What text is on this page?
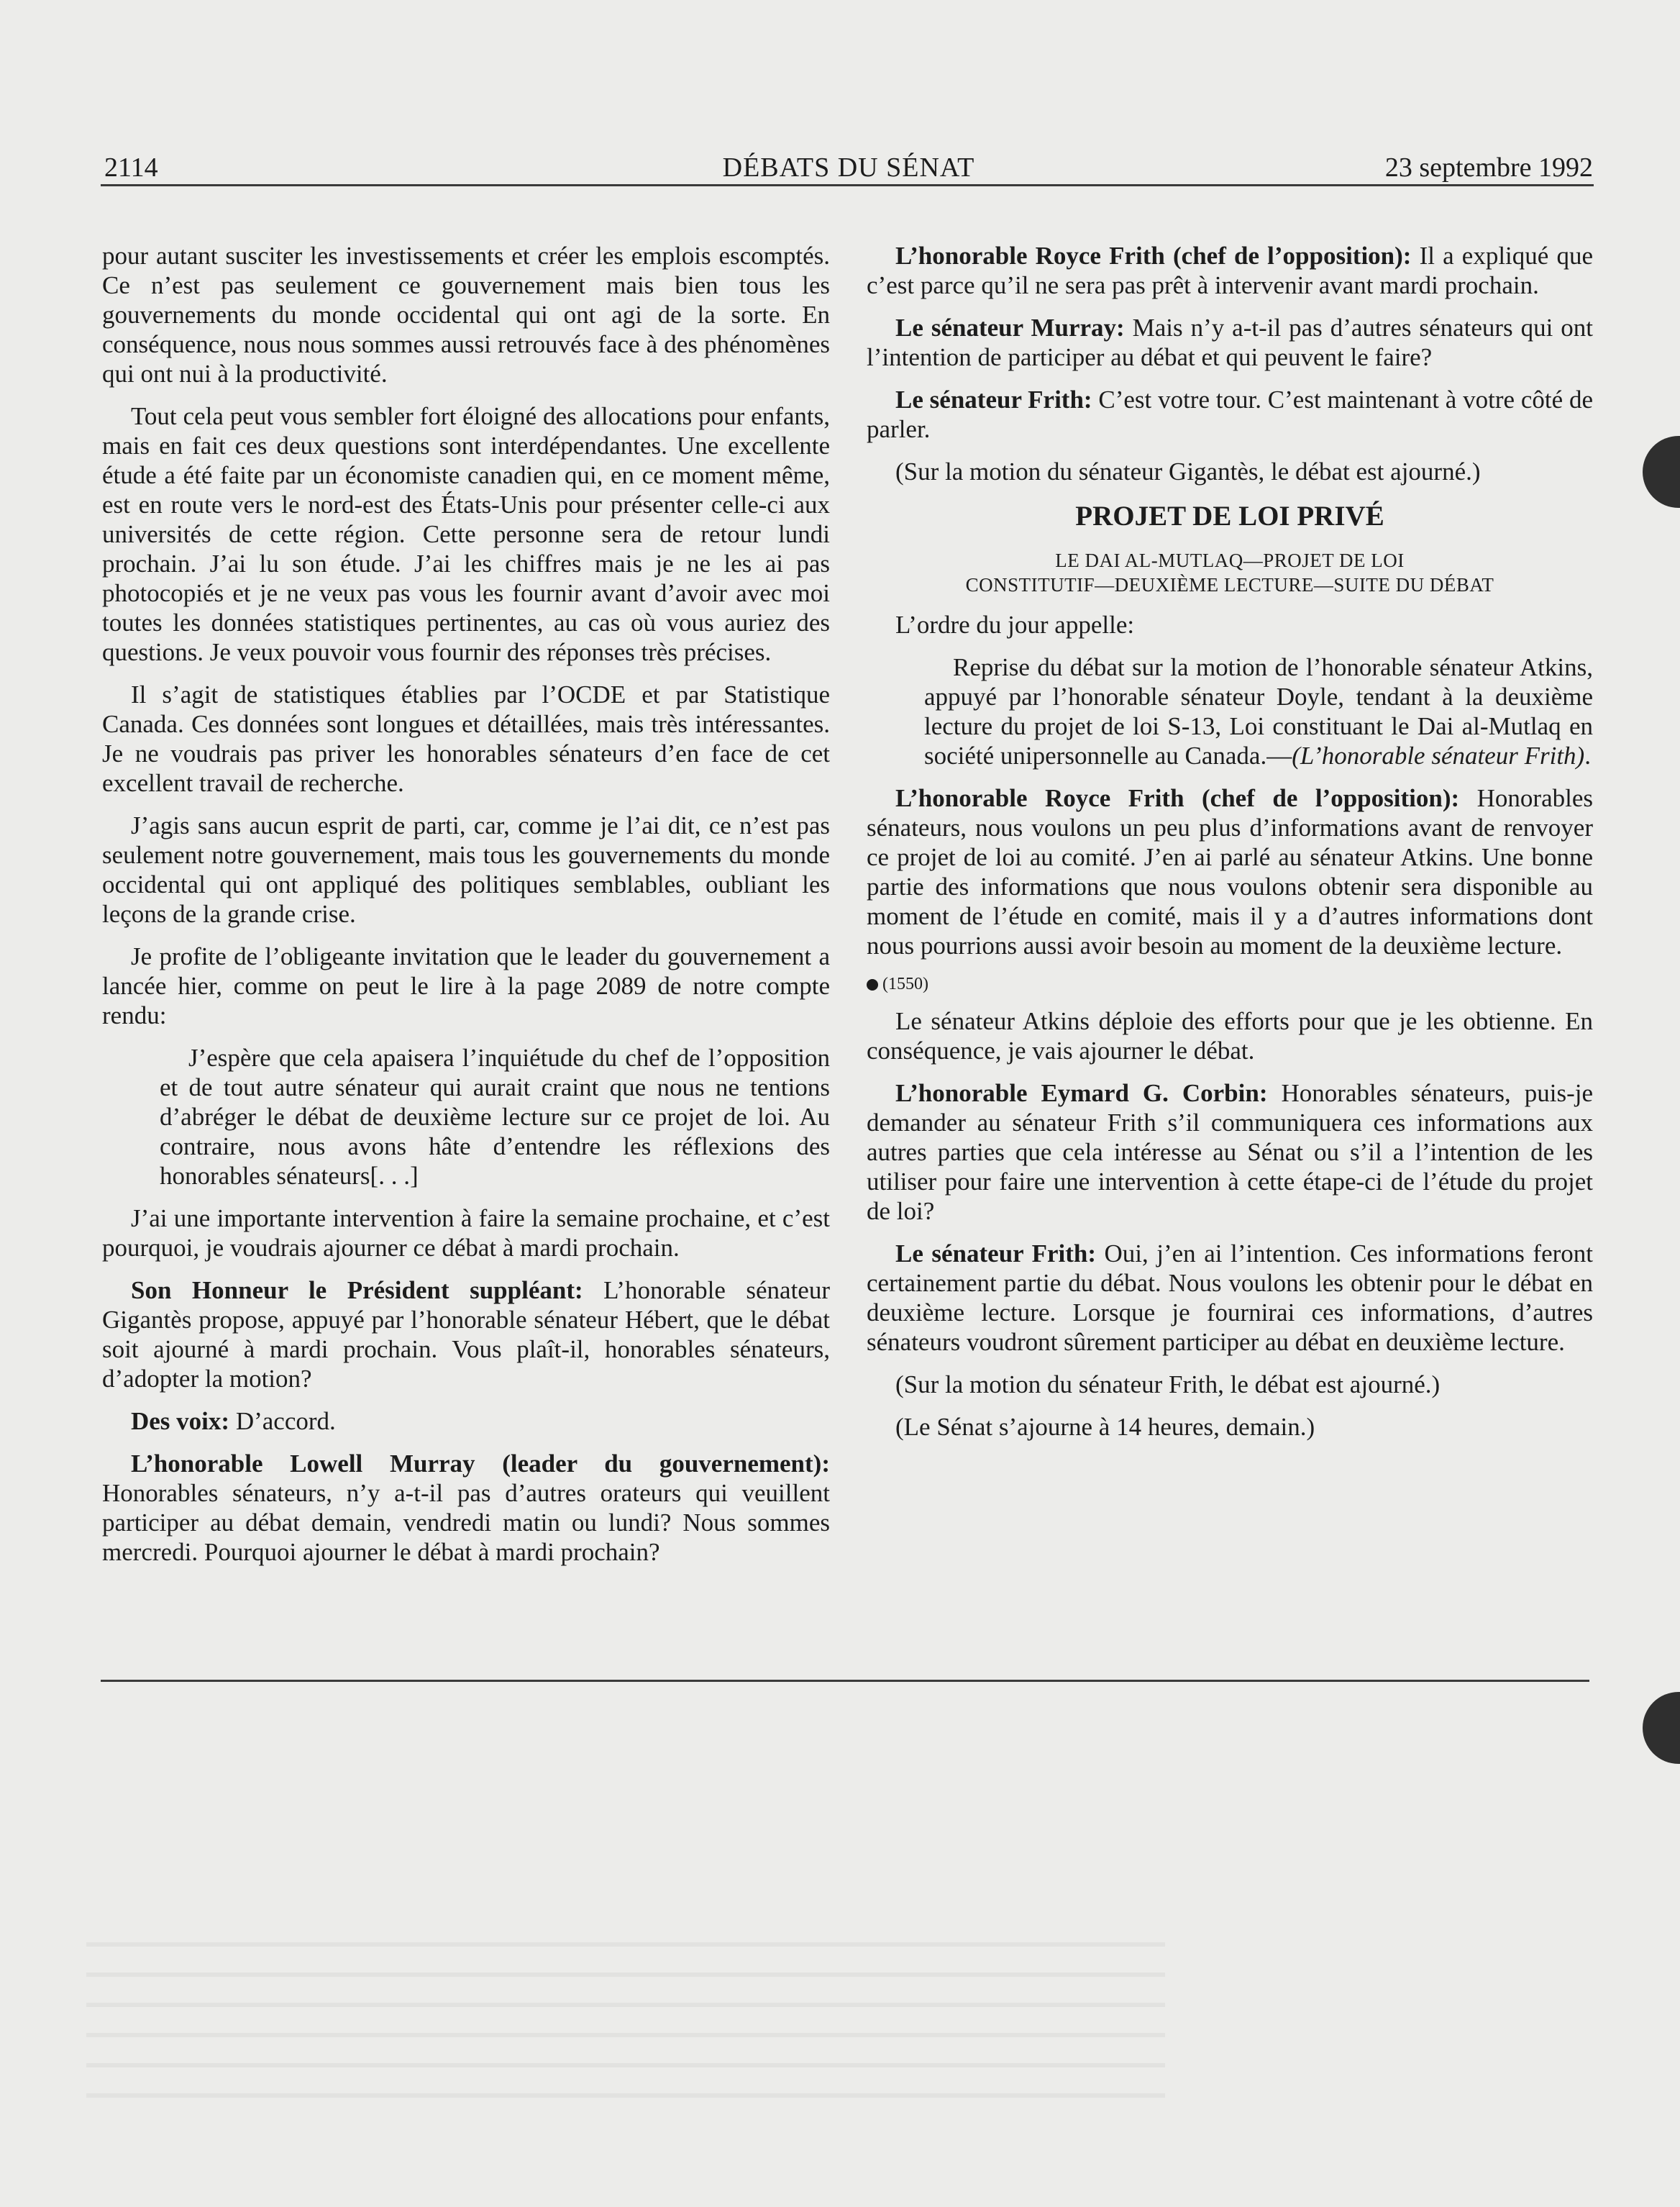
2114	DÉBATS DU SÉNAT	23 septembre 1992

pour autant susciter les investissements et créer les emplois escomptés. Ce n’est pas seulement ce gouvernement mais bien tous les gouvernements du monde occidental qui ont agi de la sorte. En conséquence, nous nous sommes aussi retrouvés face à des phénomènes qui ont nui à la productivité.

Tout cela peut vous sembler fort éloigné des allocations pour enfants, mais en fait ces deux questions sont interdépendantes. Une excellente étude a été faite par un économiste canadien qui, en ce moment même, est en route vers le nord-est des États-Unis pour présenter celle-ci aux universités de cette région. Cette personne sera de retour lundi prochain. J’ai lu son étude. J’ai les chiffres mais je ne les ai pas photocopiés et je ne veux pas vous les fournir avant d’avoir avec moi toutes les données statistiques pertinentes, au cas où vous auriez des questions. Je veux pouvoir vous fournir des réponses très précises.

Il s’agit de statistiques établies par l’OCDE et par Statistique Canada. Ces données sont longues et détaillées, mais très intéressantes. Je ne voudrais pas priver les honorables sénateurs d’en face de cet excellent travail de recherche.

J’agis sans aucun esprit de parti, car, comme je l’ai dit, ce n’est pas seulement notre gouvernement, mais tous les gouvernements du monde occidental qui ont appliqué des politiques semblables, oubliant les leçons de la grande crise.

Je profite de l’obligeante invitation que le leader du gouvernement a lancée hier, comme on peut le lire à la page 2089 de notre compte rendu:

J’espère que cela apaisera l’inquiétude du chef de l’opposition et de tout autre sénateur qui aurait craint que nous ne tentions d’abréger le débat de deuxième lecture sur ce projet de loi. Au contraire, nous avons hâte d’entendre les réflexions des honorables sénateurs[. . .]

J’ai une importante intervention à faire la semaine prochaine, et c’est pourquoi, je voudrais ajourner ce débat à mardi prochain.

Son Honneur le Président suppléant: L’honorable sénateur Gigantès propose, appuyé par l’honorable sénateur Hébert, que le débat soit ajourné à mardi prochain. Vous plaît-il, honorables sénateurs, d’adopter la motion?

Des voix: D’accord.

L’honorable Lowell Murray (leader du gouvernement): Honorables sénateurs, n’y a-t-il pas d’autres orateurs qui veuillent participer au débat demain, vendredi matin ou lundi? Nous sommes mercredi. Pourquoi ajourner le débat à mardi prochain?

L’honorable Royce Frith (chef de l’opposition): Il a expliqué que c’est parce qu’il ne sera pas prêt à intervenir avant mardi prochain.

Le sénateur Murray: Mais n’y a-t-il pas d’autres sénateurs qui ont l’intention de participer au débat et qui peuvent le faire?

Le sénateur Frith: C’est votre tour. C’est maintenant à votre côté de parler.

(Sur la motion du sénateur Gigantès, le débat est ajourné.)

PROJET DE LOI PRIVÉ
LE DAI AL-MUTLAQ—PROJET DE LOI
CONSTITUTIF—DEUXIÈME LECTURE—SUITE DU DÉBAT

L’ordre du jour appelle:

Reprise du débat sur la motion de l’honorable sénateur Atkins, appuyé par l’honorable sénateur Doyle, tendant à la deuxième lecture du projet de loi S-13, Loi constituant le Dai al-Mutlaq en société unipersonnelle au Canada.—(L’honorable sénateur Frith).

L’honorable Royce Frith (chef de l’opposition): Honorables sénateurs, nous voulons un peu plus d’informations avant de renvoyer ce projet de loi au comité. J’en ai parlé au sénateur Atkins. Une bonne partie des informations que nous voulons obtenir sera disponible au moment de l’étude en comité, mais il y a d’autres informations dont nous pourrions aussi avoir besoin au moment de la deuxième lecture.

(1550)

Le sénateur Atkins déploie des efforts pour que je les obtienne. En conséquence, je vais ajourner le débat.

L’honorable Eymard G. Corbin: Honorables sénateurs, puis-je demander au sénateur Frith s’il communiquera ces informations aux autres parties que cela intéresse au Sénat ou s’il a l’intention de les utiliser pour faire une intervention à cette étape-ci de l’étude du projet de loi?

Le sénateur Frith: Oui, j’en ai l’intention. Ces informations feront certainement partie du débat. Nous voulons les obtenir pour le débat en deuxième lecture. Lorsque je fournirai ces informations, d’autres sénateurs voudront sûrement participer au débat en deuxième lecture.

(Sur la motion du sénateur Frith, le débat est ajourné.)

(Le Sénat s’ajourne à 14 heures, demain.)
